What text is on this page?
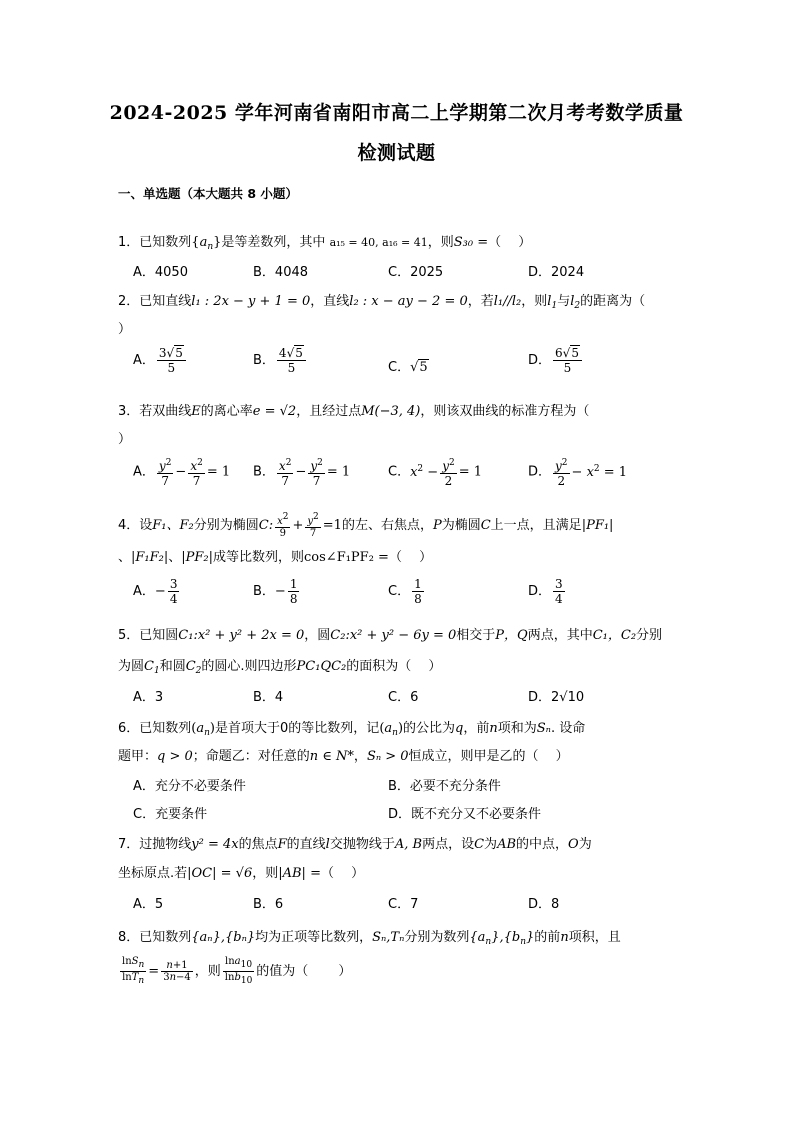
2024-2025 学年河南省南阳市高二上学期第二次月考考数学质量
检测试题
一、单选题（本大题共 8 小题）
1．已知数列$\{a_n\}$是等差数列，其中 a₁₅ = 40, a₁₆ = 41，则S₃₀ =（　 ）
A．4050	B．4048	C．2025	D．2024
2．已知直线l₁ : 2x − y + 1 = 0，直线l₂ : x − ay − 2 = 0，若l₁//l₂，则$l_1$与$l_2$的距离为（
）
A． $\frac{3√5}{5}$	B． $\frac{4√5}{5}$	C．√5	D． $\frac{6√5}{5}$
3．若双曲线E的离心率e = √2，且经过点M(−3, 4)，则该双曲线的标准方程为（
）
A． $\frac{y^2}{7} - \frac{x^2}{7} = 1$ B． $\frac{x^2}{7} - \frac{y^2}{7} = 1$	C．$x^2 - \frac{y^2}{2} = 1$	D． $\frac{y^2}{2} - x^2 = 1$
4．设F₁、F₂分别为椭圆C: $\frac{x^2}{9} + \frac{y^2}{7} =1$的左、右焦点，P为椭圆C上一点，且满足|PF₁|
、|F₁F₂|、|PF₂|成等比数列，则cos∠F₁PF₂ =（　 ）
A．− $\frac{3}{4}$	B．− $\frac{1}{8}$	C． $\frac{1}{8}$	D． $\frac{3}{4}$
5．已知圆C₁:x² + y² + 2x = 0，圆C₂:x² + y² − 6y = 0相交于P，Q两点，其中C₁，C₂分别
为圆$C_1$和圆$C_2$的圆心.则四边形PC₁QC₂的面积为（　 ）
A．3	B．4	C．6	D．2√10
6．已知数列$(a_n)$是首项大于0的等比数列，记$(a_n)$的公比为q，前n项和为Sₙ. 设命
题甲：q > 0；命题乙：对任意的n ∈ N*，Sₙ > 0恒成立，则甲是乙的（　 ）
A．充分不必要条件	B．必要不充分条件
C．充要条件	D．既不充分又不必要条件
7．过抛物线y² = 4x的焦点F的直线l交抛物线于A, B两点，设C为AB的中点，O为
坐标原点.若|OC| = √6，则|AB| =（　 ）
A．5	B．6	C．7	D．8
8．已知数列{aₙ},{bₙ}均为正项等比数列，Sₙ,Tₙ分别为数列$\{a_n\},\{b_n\}$的前n项积，且
$\frac{\ln S_n}{\ln T_n} = \frac{n+1}{3n-4}$ ，则 $\frac{\ln a_{10}}{\ln b_{10}}$ 的值为（　　 ）
